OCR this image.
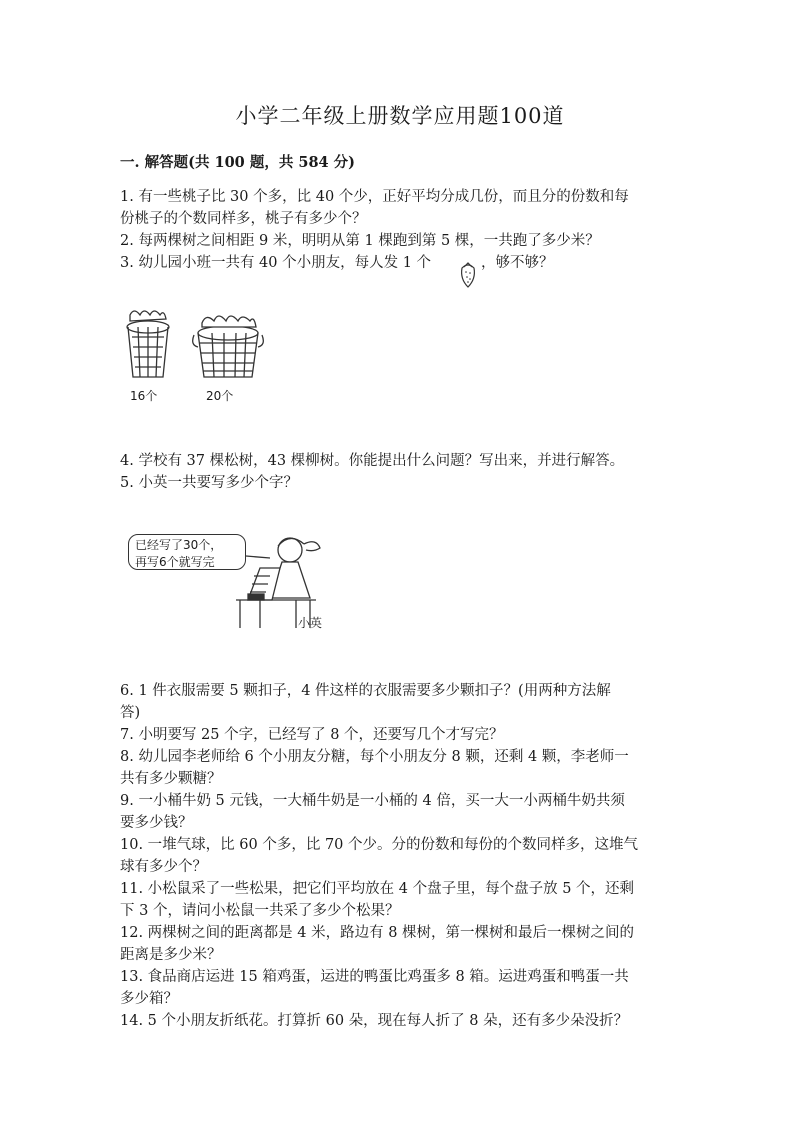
小学二年级上册数学应用题100道
一. 解答题(共 100 题，共 584 分)
1. 有一些桃子比 30 个多，比 40 个少，正好平均分成几份，而且分的份数和每
份桃子的个数同样多，桃子有多少个？
2. 每两棵树之间相距 9 米，明明从第 1 棵跑到第 5 棵，一共跑了多少米？
3. 幼儿园小班一共有 40 个小朋友，每人发 1 个	，够不够？
16个	20个
4. 学校有 37 棵松树，43 棵柳树。你能提出什么问题？写出来，并进行解答。
5. 小英一共要写多少个字？
已经写了30个，
再写6个就写完
小英
6. 1 件衣服需要 5 颗扣子，4 件这样的衣服需要多少颗扣子？(用两种方法解
答)
7. 小明要写 25 个字，已经写了 8 个，还要写几个才写完？
8. 幼儿园李老师给 6 个小朋友分糖，每个小朋友分 8 颗，还剩 4 颗，李老师一
共有多少颗糖？
9. 一小桶牛奶 5 元钱，一大桶牛奶是一小桶的 4 倍，买一大一小两桶牛奶共须
要多少钱？
10. 一堆气球，比 60 个多，比 70 个少。分的份数和每份的个数同样多，这堆气
球有多少个？
11. 小松鼠采了一些松果，把它们平均放在 4 个盘子里，每个盘子放 5 个，还剩
下 3 个，请问小松鼠一共采了多少个松果？
12. 两棵树之间的距离都是 4 米，路边有 8 棵树，第一棵树和最后一棵树之间的
距离是多少米？
13. 食品商店运进 15 箱鸡蛋，运进的鸭蛋比鸡蛋多 8 箱。运进鸡蛋和鸭蛋一共
多少箱？
14. 5 个小朋友折纸花。打算折 60 朵，现在每人折了 8 朵，还有多少朵没折？
